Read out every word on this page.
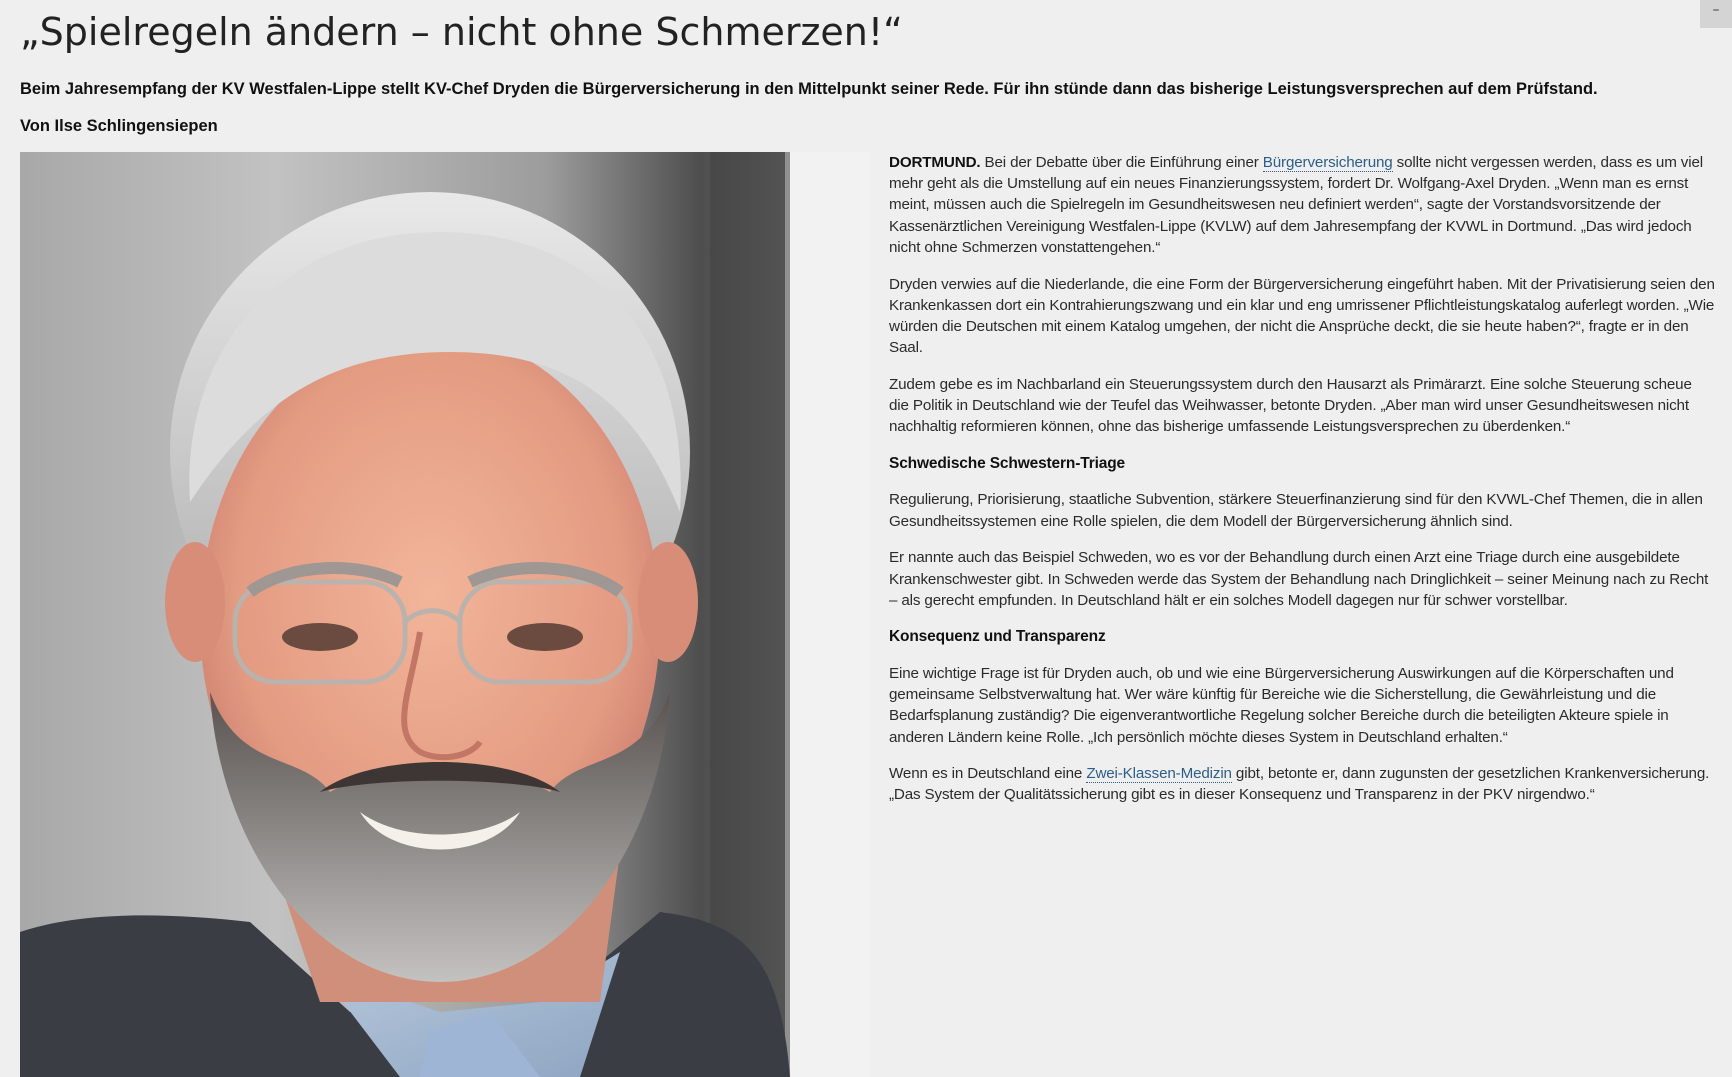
–
„Spielregeln ändern – nicht ohne Schmerzen!“

Beim Jahresempfang der KV Westfalen-Lippe stellt KV-Chef Dryden die Bürgerversicherung in den Mittelpunkt seiner Rede. Für ihn stünde dann das bisherige Leistungsversprechen auf dem Prüfstand.

Von Ilse Schlingensiepen

DORTMUND. Bei der Debatte über die Einführung einer Bürgerversicherung sollte nicht vergessen werden, dass es um viel mehr geht als die Umstellung auf ein neues Finanzierungssystem, fordert Dr. Wolfgang-Axel Dryden. „Wenn man es ernst meint, müssen auch die Spielregeln im Gesundheitswesen neu definiert werden“, sagte der Vorstandsvorsitzende der Kassenärztlichen Vereinigung Westfalen-Lippe (KVLW) auf dem Jahresempfang der KVWL in Dortmund. „Das wird jedoch nicht ohne Schmerzen vonstattengehen.“

Dryden verwies auf die Niederlande, die eine Form der Bürgerversicherung eingeführt haben. Mit der Privatisierung seien den Krankenkassen dort ein Kontrahierungszwang und ein klar und eng umrissener Pflichtleistungskatalog auferlegt worden. „Wie würden die Deutschen mit einem Katalog umgehen, der nicht die Ansprüche deckt, die sie heute haben?“, fragte er in den Saal.

Zudem gebe es im Nachbarland ein Steuerungssystem durch den Hausarzt als Primärarzt. Eine solche Steuerung scheue die Politik in Deutschland wie der Teufel das Weihwasser, betonte Dryden. „Aber man wird unser Gesundheitswesen nicht nachhaltig reformieren können, ohne das bisherige umfassende Leistungsversprechen zu überdenken.“

Schwedische Schwestern-Triage

Regulierung, Priorisierung, staatliche Subvention, stärkere Steuerfinanzierung sind für den KVWL-Chef Themen, die in allen Gesundheitssystemen eine Rolle spielen, die dem Modell der Bürgerversicherung ähnlich sind.

Er nannte auch das Beispiel Schweden, wo es vor der Behandlung durch einen Arzt eine Triage durch eine ausgebildete Krankenschwester gibt. In Schweden werde das System der Behandlung nach Dringlichkeit – seiner Meinung nach zu Recht – als gerecht empfunden. In Deutschland hält er ein solches Modell dagegen nur für schwer vorstellbar.

Konsequenz und Transparenz

Eine wichtige Frage ist für Dryden auch, ob und wie eine Bürgerversicherung Auswirkungen auf die Körperschaften und gemeinsame Selbstverwaltung hat. Wer wäre künftig für Bereiche wie die Sicherstellung, die Gewährleistung und die Bedarfsplanung zuständig? Die eigenverantwortliche Regelung solcher Bereiche durch die beteiligten Akteure spiele in anderen Ländern keine Rolle. „Ich persönlich möchte dieses System in Deutschland erhalten.“

Wenn es in Deutschland eine Zwei-Klassen-Medizin gibt, betonte er, dann zugunsten der gesetzlichen Krankenversicherung. „Das System der Qualitätssicherung gibt es in dieser Konsequenz und Transparenz in der PKV nirgendwo.“
